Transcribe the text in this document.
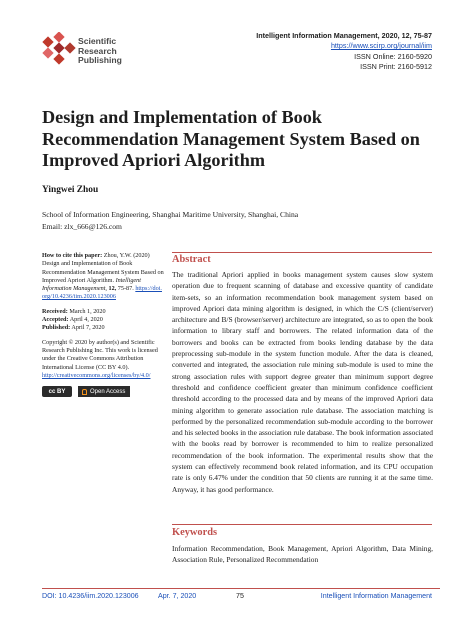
Scientific
Research
Publishing
Intelligent Information Management, 2020, 12, 75-87
https://www.scirp.org/journal/iim
ISSN Online: 2160-5920
ISSN Print: 2160-5912
Design and Implementation of Book Recommendation Management System Based on Improved Apriori Algorithm
Yingwei Zhou
School of Information Engineering, Shanghai Maritime University, Shanghai, China
Email: zlx_666@126.com

How to cite this paper: Zhou, Y.W. (2020) Design and Implementation of Book Recommendation Management System Based on Improved Apriori Algorithm. Intelligent Information Management, 12, 75-87. https://doi.org/10.4236/iim.2020.123006

Received: March 1, 2020
Accepted: April 4, 2020
Published: April 7, 2020

Copyright © 2020 by author(s) and Scientific Research Publishing Inc. This work is licensed under the Creative Commons Attribution International License (CC BY 4.0).
http://creativecommons.org/licenses/by/4.0/

cc BY	Open Access
Abstract

The traditional Apriori applied in books management system causes slow system operation due to frequent scanning of database and excessive quantity of candidate item-sets, so an information recommendation book management system based on improved Apriori data mining algorithm is designed, in which the C/S (client/server) architecture and B/S (browser/server) architecture are integrated, so as to open the book information to library staff and borrowers. The related information data of the borrowers and books can be extracted from books lending database by the data preprocessing sub-module in the system function module. After the data is cleaned, converted and integrated, the association rule mining sub-module is used to mine the strong association rules with support degree greater than minimum support degree threshold and confidence coefficient greater than minimum confidence coefficient threshold according to the processed data and by means of the improved Apriori data mining algorithm to generate association rule database. The association matching is performed by the personalized recommendation sub-module according to the borrower and his selected books in the association rule database. The book information associated with the books read by borrower is recommended to him to realize personalized recommendation of the book information. The experimental results show that the system can effectively recommend book related information, and its CPU occupation rate is only 6.47% under the condition that 50 clients are running it at the same time. Anyway, it has good performance.

Keywords
Information Recommendation, Book Management, Apriori Algorithm, Data Mining, Association Rule, Personalized Recommendation
DOI: 10.4236/iim.2020.123006	Apr. 7, 2020	75	Intelligent Information Management
